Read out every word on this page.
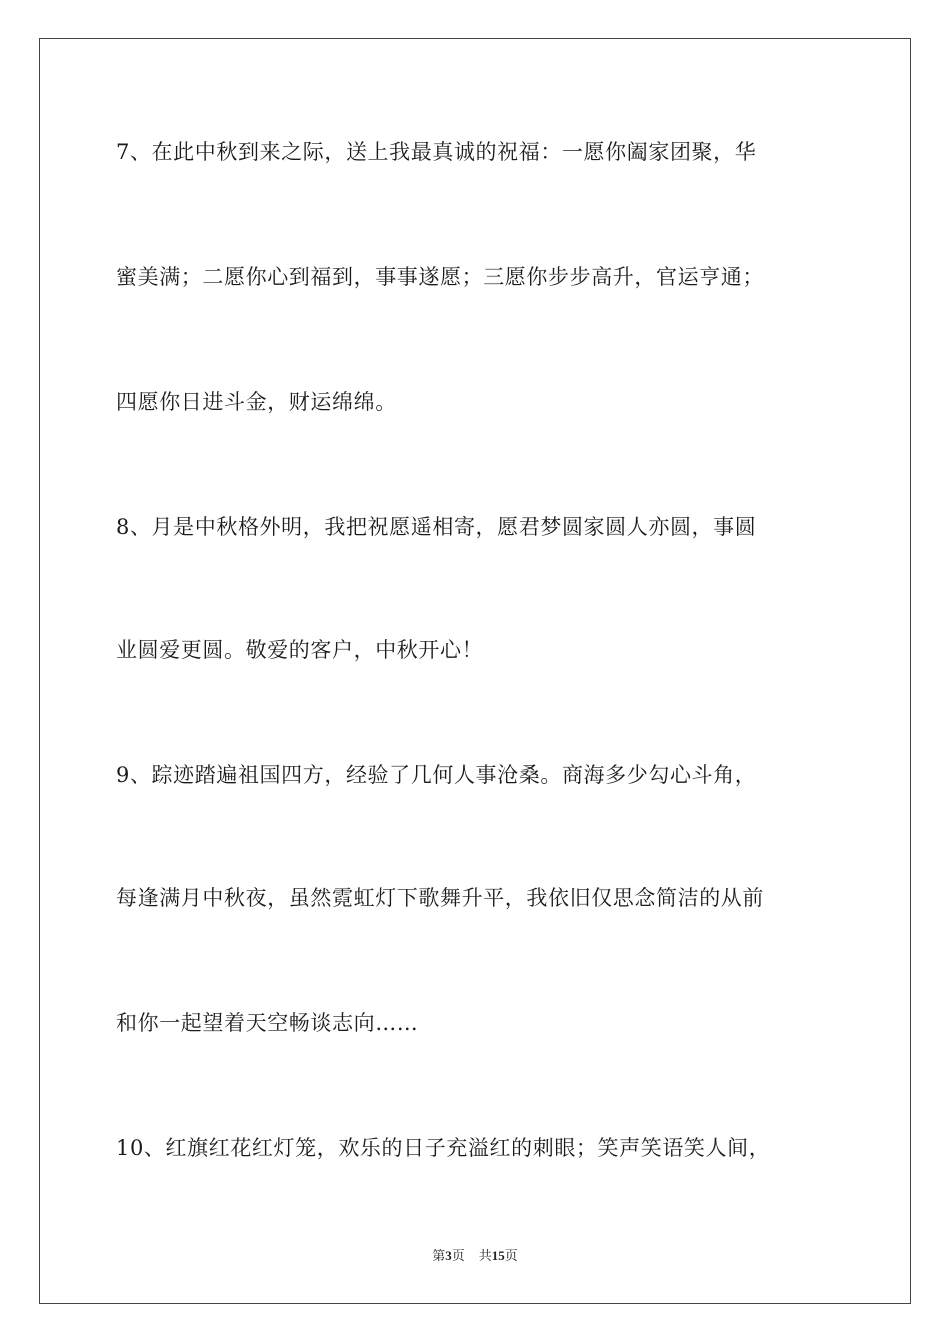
7、在此中秋到来之际，送上我最真诚的祝福：一愿你阖家团聚，华
蜜美满；二愿你心到福到，事事遂愿；三愿你步步高升，官运亨通；
四愿你日进斗金，财运绵绵。
8、月是中秋格外明，我把祝愿遥相寄，愿君梦圆家圆人亦圆，事圆
业圆爱更圆。敬爱的客户，中秋开心！
9、踪迹踏遍祖国四方，经验了几何人事沧桑。商海多少勾心斗角，
每逢满月中秋夜，虽然霓虹灯下歌舞升平，我依旧仅思念简洁的从前
和你一起望着天空畅谈志向……
10、红旗红花红灯笼，欢乐的日子充溢红的刺眼；笑声笑语笑人间，
第3页 共15页
